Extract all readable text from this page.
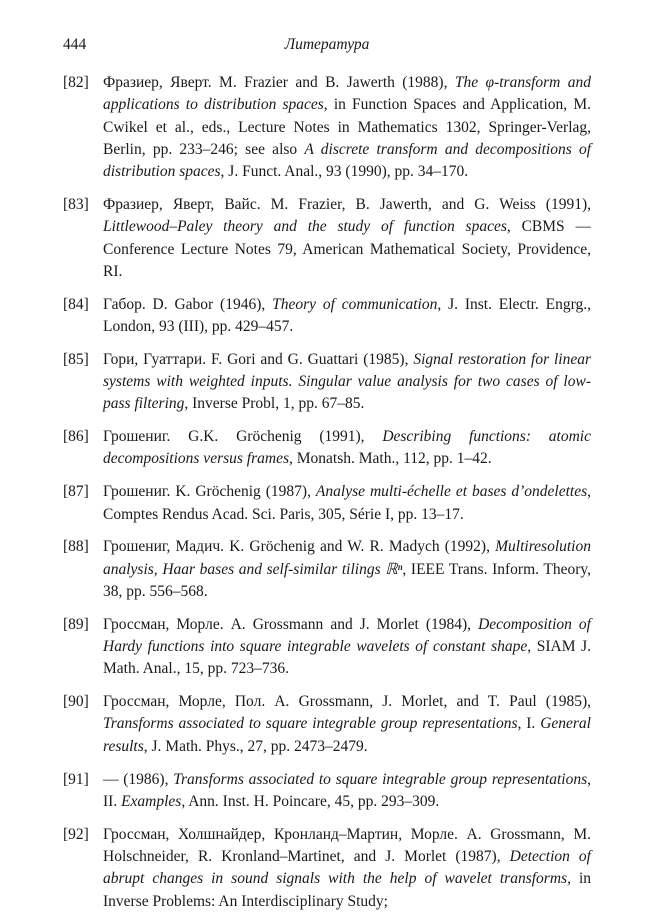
444	Литература
[82] Фразиер, Яверт. M. Frazier and B. Jawerth (1988), The φ-transform and applications to distribution spaces, in Function Spaces and Application, M. Cwikel et al., eds., Lecture Notes in Mathematics 1302, Springer-Verlag, Berlin, pp. 233–246; see also A discrete transform and decompositions of distribution spaces, J. Funct. Anal., 93 (1990), pp. 34–170.
[83] Фразиер, Яверт, Вайс. M. Frazier, B. Jawerth, and G. Weiss (1991), Littlewood–Paley theory and the study of function spaces, CBMS — Conference Lecture Notes 79, American Mathematical Society, Providence, RI.
[84] Габор. D. Gabor (1946), Theory of communication, J. Inst. Electr. Engrg., London, 93 (III), pp. 429–457.
[85] Гори, Гуаттари. F. Gori and G. Guattari (1985), Signal restoration for linear systems with weighted inputs. Singular value analysis for two cases of low-pass filtering, Inverse Probl, 1, pp. 67–85.
[86] Грошениг. G.K. Gröchenig (1991), Describing functions: atomic decompositions versus frames, Monatsh. Math., 112, pp. 1–42.
[87] Грошениг. K. Gröchenig (1987), Analyse multi-échelle et bases d’ondelettes, Comptes Rendus Acad. Sci. Paris, 305, Série I, pp. 13–17.
[88] Грошениг, Мадич. K. Gröchenig and W. R. Madych (1992), Multiresolution analysis, Haar bases and self-similar tilings ℝⁿ, IEEE Trans. Inform. Theory, 38, pp. 556–568.
[89] Гроссман, Морле. A. Grossmann and J. Morlet (1984), Decomposition of Hardy functions into square integrable wavelets of constant shape, SIAM J. Math. Anal., 15, pp. 723–736.
[90] Гроссман, Морле, Пол. A. Grossmann, J. Morlet, and T. Paul (1985), Transforms associated to square integrable group representations, I. General results, J. Math. Phys., 27, pp. 2473–2479.
[91] — (1986), Transforms associated to square integrable group representations, II. Examples, Ann. Inst. H. Poincare, 45, pp. 293–309.
[92] Гроссман, Холшнайдер, Кронланд–Мартин, Морле. A. Grossmann, M. Holschneider, R. Kronland–Martinet, and J. Morlet (1987), Detection of abrupt changes in sound signals with the help of wavelet transforms, in Inverse Problems: An Interdisciplinary Study;
